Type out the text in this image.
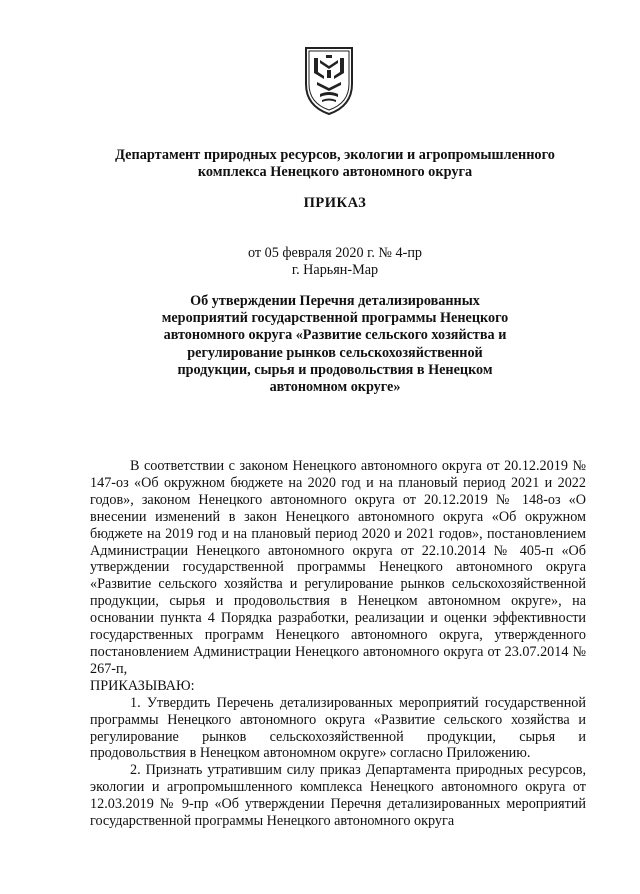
Департамент природных ресурсов, экологии и агропромышленного
комплекса Ненецкого автономного округа
ПРИКАЗ
от 05 февраля 2020 г. № 4-пр
г. Нарьян-Мар
Об утверждении Перечня детализированных мероприятий государственной программы Ненецкого автономного округа «Развитие сельского хозяйства и регулирование рынков сельскохозяйственной продукции, сырья и продовольствия в Ненецком автономном округе»

В соответствии с законом Ненецкого автономного округа от 20.12.2019 № 147-оз «Об окружном бюджете на 2020 год и на плановый период 2021 и 2022 годов», законом Ненецкого автономного округа от 20.12.2019 № 148-оз «О внесении изменений в закон Ненецкого автономного округа «Об окружном бюджете на 2019 год и на плановый период 2020 и 2021 годов», постановлением Администрации Ненецкого автономного округа от 22.10.2014 № 405-п «Об утверждении государственной программы Ненецкого автономного округа «Развитие сельского хозяйства и регулирование рынков сельскохозяйственной продукции, сырья и продовольствия в Ненецком автономном округе», на основании пункта 4 Порядка разработки, реализации и оценки эффективности государственных программ Ненецкого автономного округа, утвержденного постановлением Администрации Ненецкого автономного округа от 23.07.2014 № 267-п,

ПРИКАЗЫВАЮ:

1. Утвердить Перечень детализированных мероприятий государственной программы Ненецкого автономного округа «Развитие сельского хозяйства и регулирование рынков сельскохозяйственной продукции, сырья и продовольствия в Ненецком автономном округе» согласно Приложению.

2. Признать утратившим силу приказ Департамента природных ресурсов, экологии и агропромышленного комплекса Ненецкого автономного округа от 12.03.2019 № 9-пр «Об утверждении Перечня детализированных мероприятий государственной программы Ненецкого автономного округа
